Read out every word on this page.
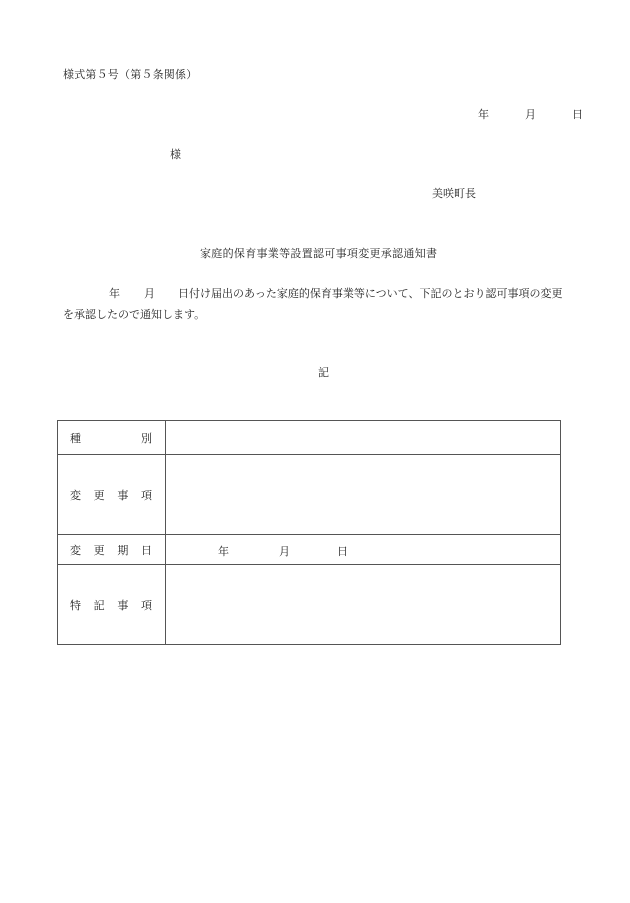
様式第５号（第５条関係）
年	月	日
様
美咲町長
家庭的保育事業等設置認可事項変更承認通知書
年 月 日付け届出のあった家庭的保育事業等について、下記のとおり認可事項の変更
を承認したので通知します。
記
種 別	

変 更 事 項	

変 更 期 日	年 月 日

特 記 事 項	
